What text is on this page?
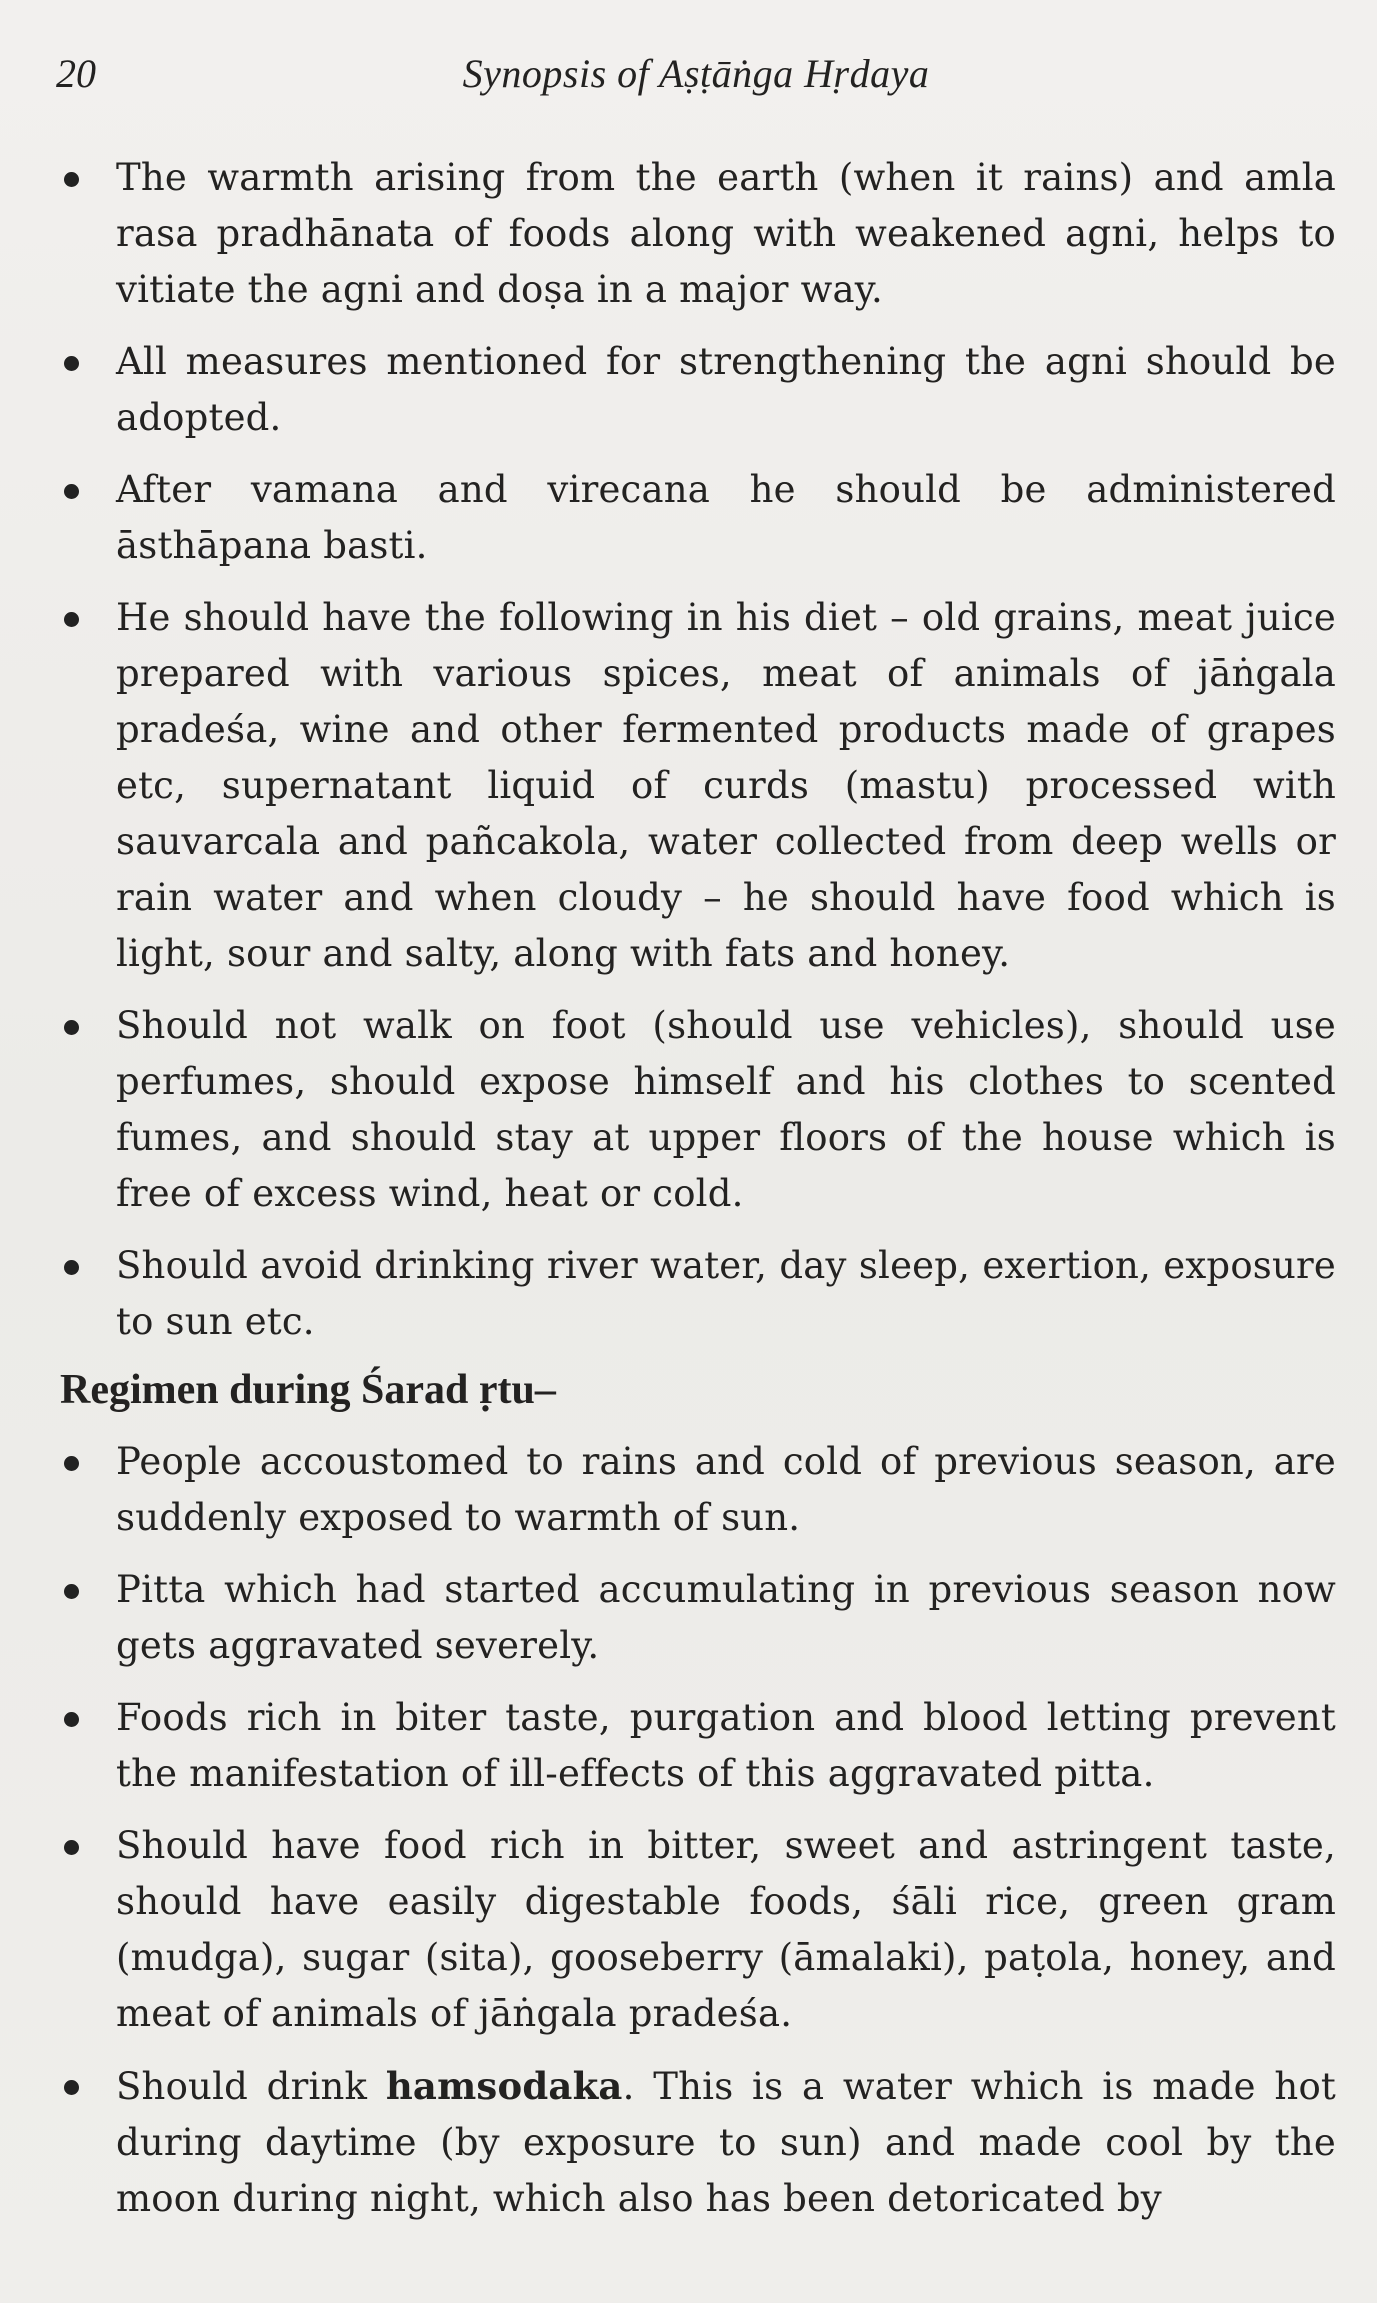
20	Synopsis of Aṣṭāṅga Hṛdaya
The warmth arising from the earth (when it rains) and amla rasa pradhānata of foods along with weakened agni, helps to vitiate the agni and doṣa in a major way.
All measures mentioned for strengthening the agni should be adopted.
After vamana and virecana he should be administered āsthāpana basti.
He should have the following in his diet – old grains, meat juice prepared with various spices, meat of animals of jāṅgala pradeśa, wine and other fermented products made of grapes etc, supernatant liquid of curds (mastu) processed with sauvarcala and pañcakola, water collected from deep wells or rain water and when cloudy – he should have food which is light, sour and salty, along with fats and honey.
Should not walk on foot (should use vehicles), should use perfumes, should expose himself and his clothes to scented fumes, and should stay at upper floors of the house which is free of excess wind, heat or cold.
Should avoid drinking river water, day sleep, exertion, exposure to sun etc.
Regimen during Śarad ṛtu–
People accoustomed to rains and cold of previous season, are suddenly exposed to warmth of sun.
Pitta which had started accumulating in previous season now gets aggravated severely.
Foods rich in biter taste, purgation and blood letting prevent the manifestation of ill-effects of this aggravated pitta.
Should have food rich in bitter, sweet and astringent taste, should have easily digestable foods, śāli rice, green gram (mudga), sugar (sita), gooseberry (āmalaki), paṭola, honey, and meat of animals of jāṅgala pradeśa.
Should drink hamsodaka. This is a water which is made hot during daytime (by exposure to sun) and made cool by the moon during night, which also has been detoricated by
